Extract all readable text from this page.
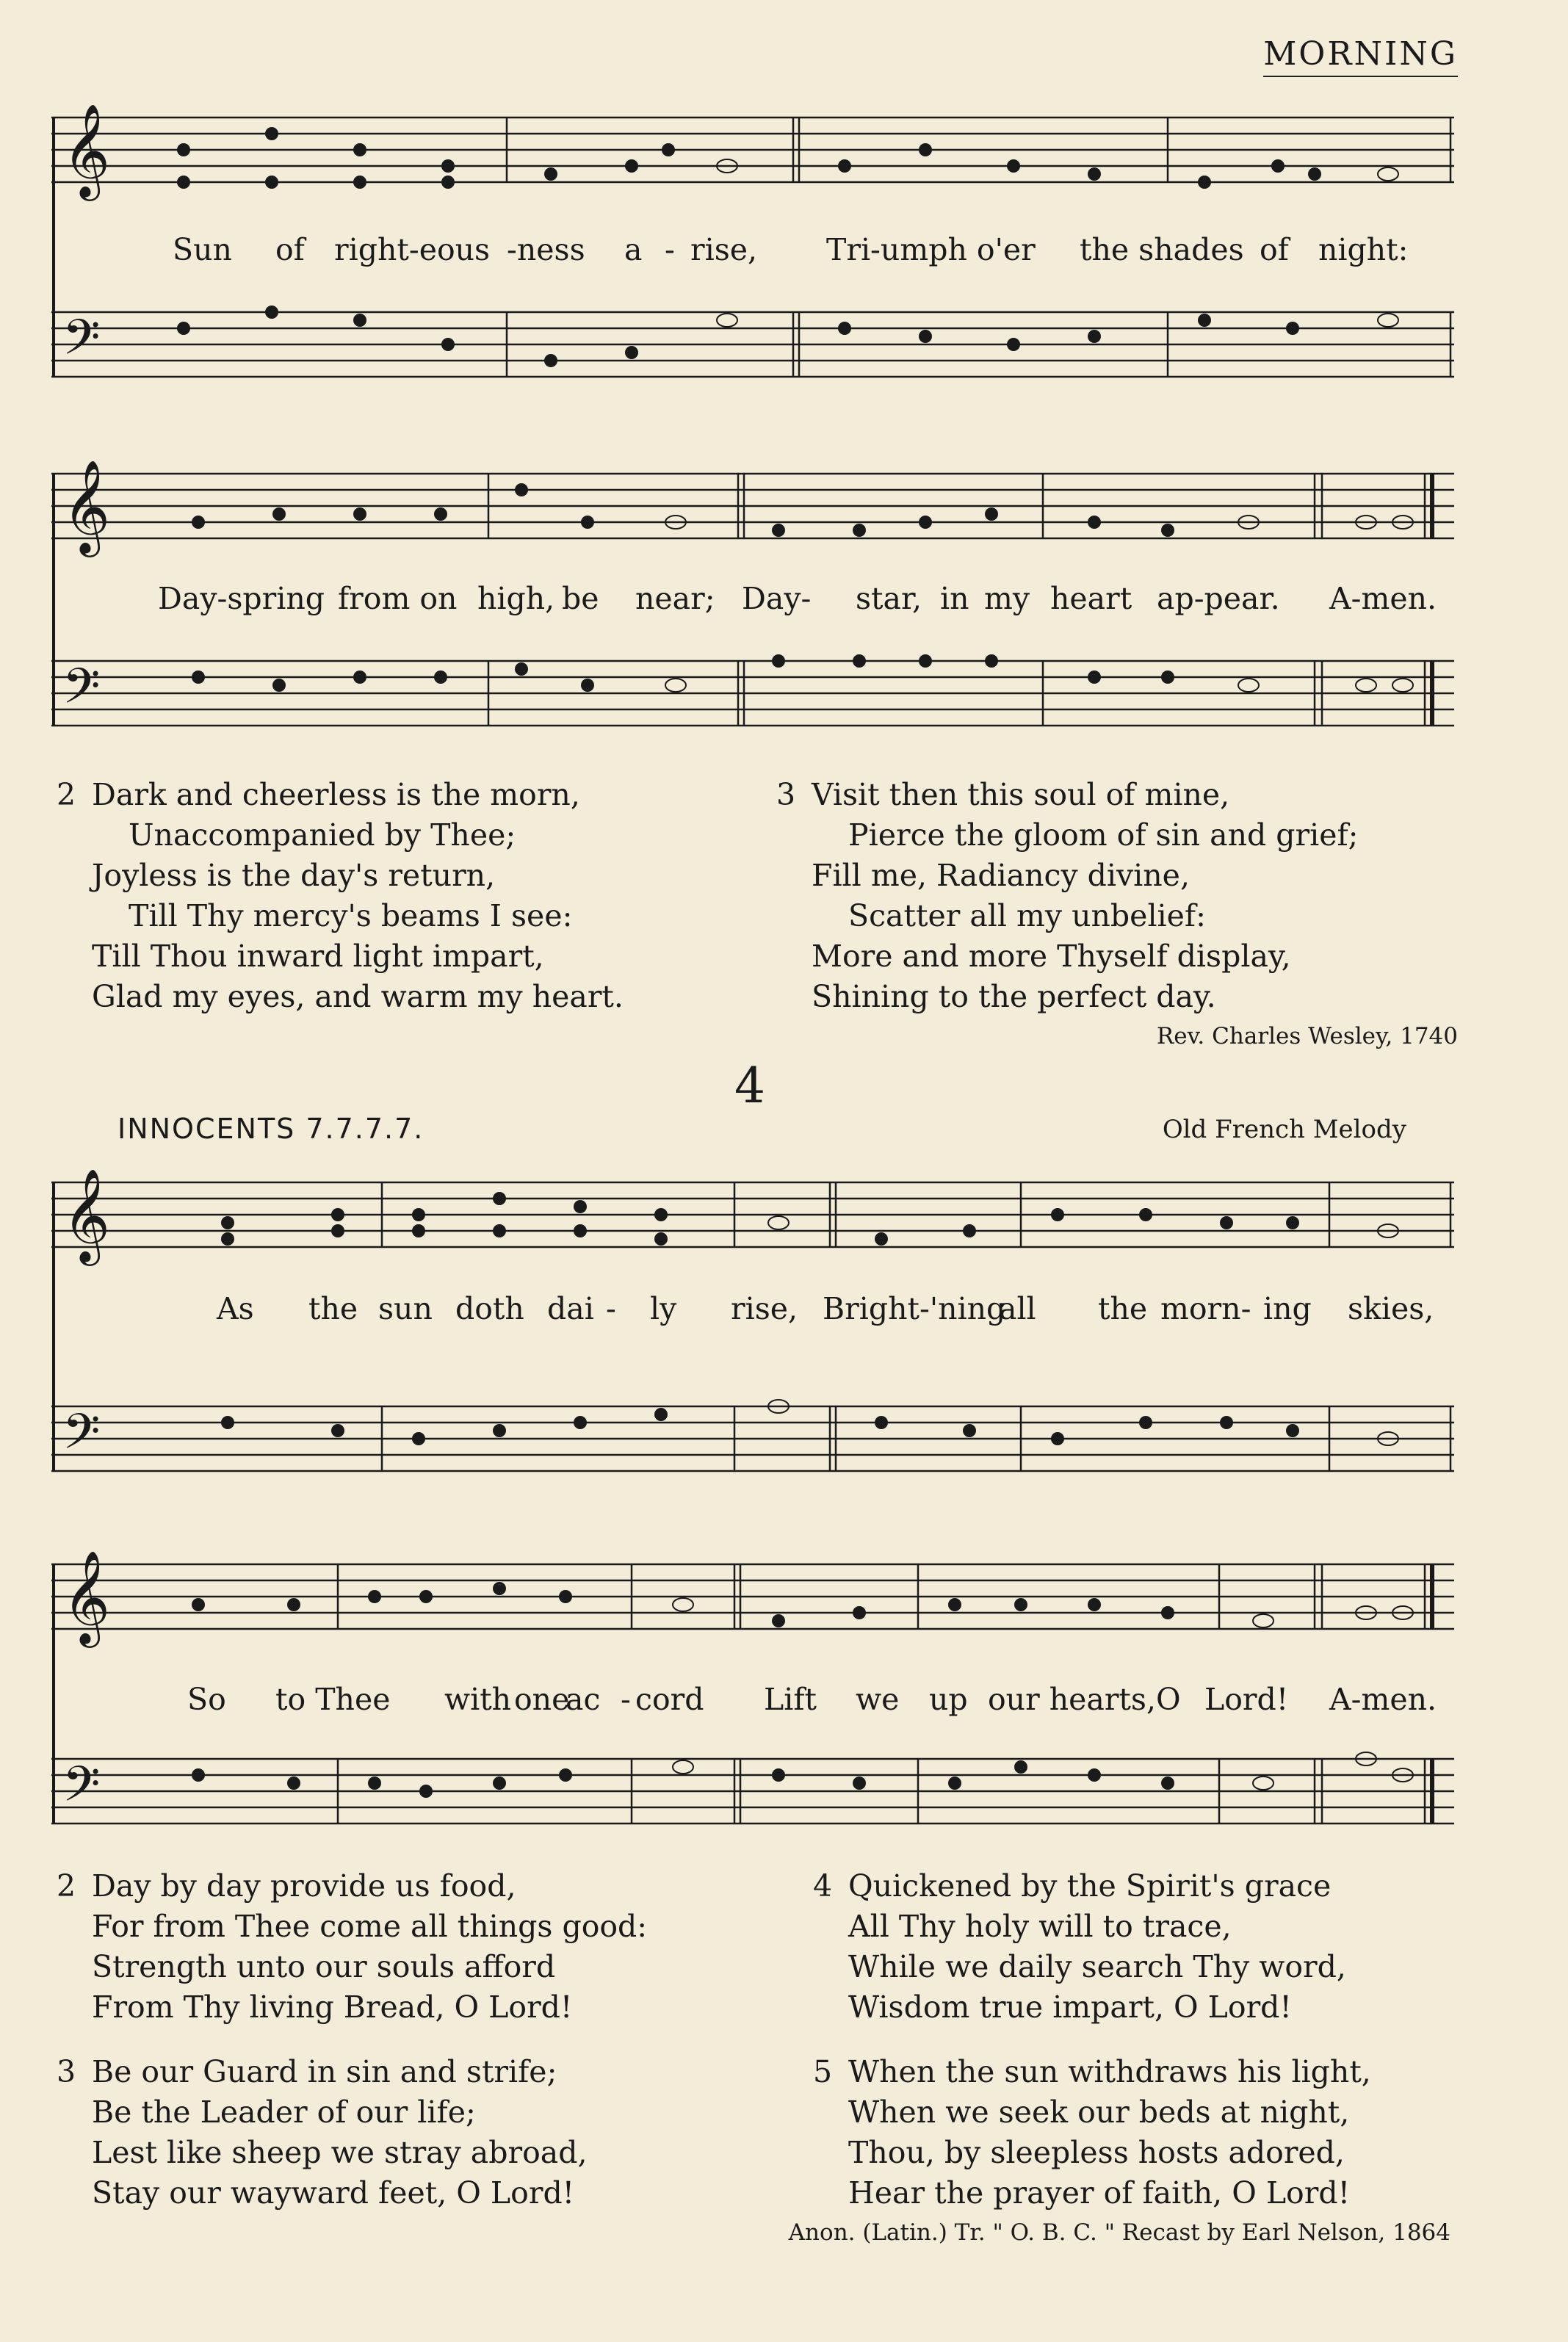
MORNING
𝄞
𝄢
Sun of right-eous -ness a - rise, Tri-umph o'er the shades of night:
𝄞
𝄢
Day-spring from on high, be near; Day- star, in my heart ap-pear. A-men.
2 Dark and cheerless is the morn,
Unaccompanied by Thee;
Joyless is the day's return,
Till Thy mercy's beams I see:
Till Thou inward light impart,
Glad my eyes, and warm my heart.
3 Visit then this soul of mine,
Pierce the gloom of sin and grief;
Fill me, Radiancy divine,
Scatter all my unbelief:
More and more Thyself display,
Shining to the perfect day.
Rev. Charles Wesley, 1740
4
INNOCENTS 7.7.7.7.	Old French Melody
𝄞
𝄢
As the sun doth dai - ly rise, Bright-'ning
all the morn- ing skies,
𝄞
𝄢
So to Thee with one
ac - cord Lift we up our hearts,O Lord! A-men.
2 Day by day provide us food,
For from Thee come all things good:
Strength unto our souls afford
From Thy living Bread, O Lord!
4 Quickened by the Spirit's grace
All Thy holy will to trace,
While we daily search Thy word,
Wisdom true impart, O Lord!
3 Be our Guard in sin and strife;
Be the Leader of our life;
Lest like sheep we stray abroad,
Stay our wayward feet, O Lord!
5 When the sun withdraws his light,
When we seek our beds at night,
Thou, by sleepless hosts adored,
Hear the prayer of faith, O Lord!
Anon. (Latin.) Tr. " O. B. C. " Recast by Earl Nelson, 1864
